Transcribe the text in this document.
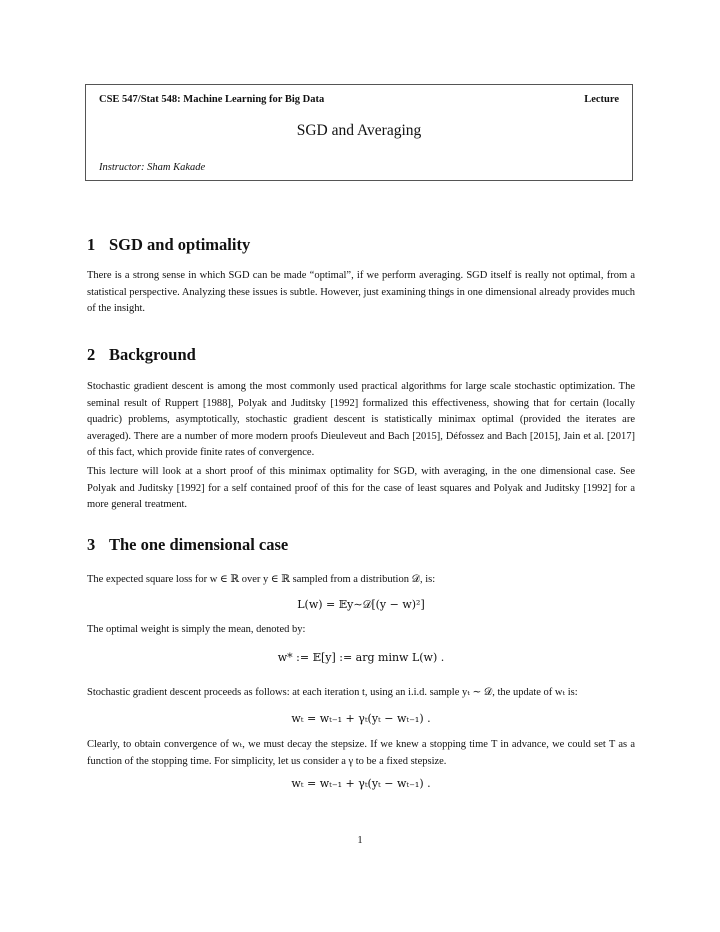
CSE 547/Stat 548: Machine Learning for Big Data	Lecture
SGD and Averaging
Instructor: Sham Kakade
1 SGD and optimality

There is a strong sense in which SGD can be made “optimal”, if we perform averaging. SGD itself is really not optimal, from a statistical perspective. Analyzing these issues is subtle. However, just examining things in one dimensional already provides much of the insight.

2 Background

Stochastic gradient descent is among the most commonly used practical algorithms for large scale stochastic optimization. The seminal result of Ruppert [1988], Polyak and Juditsky [1992] formalized this effectiveness, showing that for certain (locally quadric) problems, asymptotically, stochastic gradient descent is statistically minimax optimal (provided the iterates are averaged). There are a number of more modern proofs Dieuleveut and Bach [2015], Défossez and Bach [2015], Jain et al. [2017] of this fact, which provide finite rates of convergence.

This lecture will look at a short proof of this minimax optimality for SGD, with averaging, in the one dimensional case. See Polyak and Juditsky [1992] for a self contained proof of this for the case of least squares and Polyak and Juditsky [1992] for a more general treatment.

3 The one dimensional case

The expected square loss for w ∈ ℝ over y ∈ ℝ sampled from a distribution 𝒟, is:

L(w) = 𝔼y∼𝒟[(y − w)²]

The optimal weight is simply the mean, denoted by:

w* := 𝔼[y] := arg minw L(w) .

Stochastic gradient descent proceeds as follows: at each iteration t, using an i.i.d. sample yₜ ∼ 𝒟, the update of wₜ is:

wₜ = wₜ₋₁ + γₜ(yₜ − wₜ₋₁) .

Clearly, to obtain convergence of wₜ, we must decay the stepsize. If we knew a stopping time T in advance, we could set T as a function of the stopping time. For simplicity, let us consider a γ to be a fixed stepsize.

wₜ = wₜ₋₁ + γₜ(yₜ − wₜ₋₁) .
1
